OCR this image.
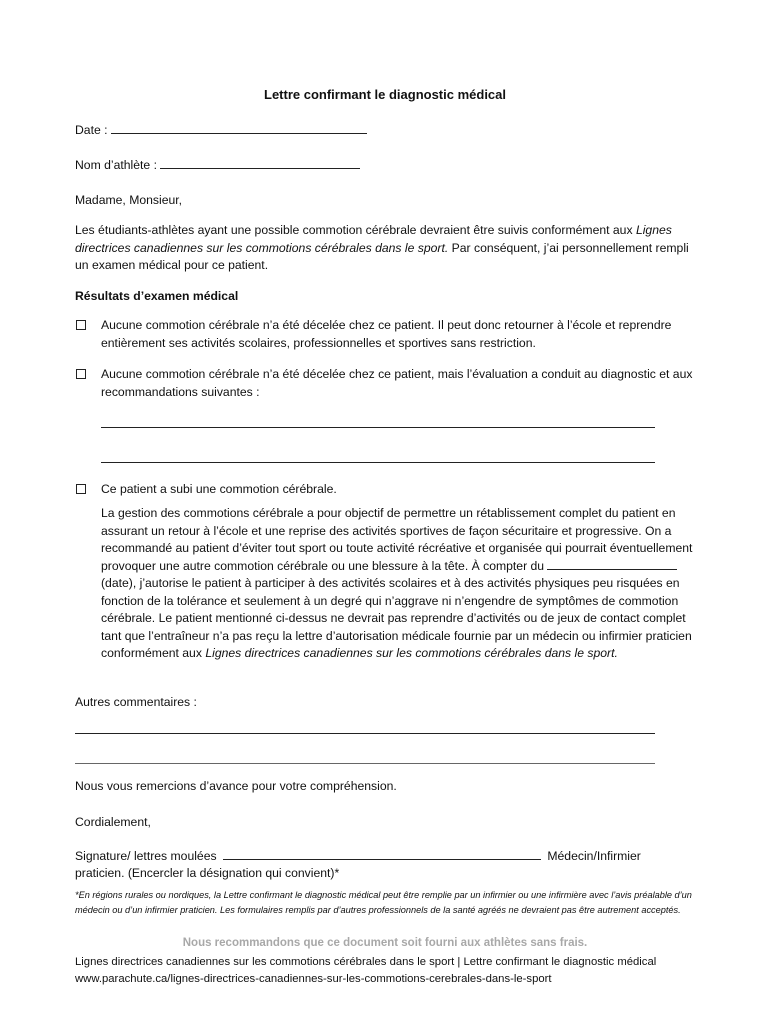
Lettre confirmant le diagnostic médical
Date :
Nom d’athlète :
Madame, Monsieur,
Les étudiants-athlètes ayant une possible commotion cérébrale devraient être suivis conformément aux Lignes directrices canadiennes sur les commotions cérébrales dans le sport. Par conséquent, j’ai personnellement rempli un examen médical pour ce patient.
Résultats d’examen médical
Aucune commotion cérébrale n’a été décelée chez ce patient. Il peut donc retourner à l’école et reprendre entièrement ses activités scolaires, professionnelles et sportives sans restriction.
Aucune commotion cérébrale n’a été décelée chez ce patient, mais l’évaluation a conduit au diagnostic et aux recommandations suivantes :
Ce patient a subi une commotion cérébrale.
La gestion des commotions cérébrale a pour objectif de permettre un rétablissement complet du patient en assurant un retour à l’école et une reprise des activités sportives de façon sécuritaire et progressive. On a recommandé au patient d’éviter tout sport ou toute activité récréative et organisée qui pourrait éventuellement provoquer une autre commotion cérébrale ou une blessure à la tête. À compter du  (date), j’autorise le patient à participer à des activités scolaires et à des activités physiques peu risquées en fonction de la tolérance et seulement à un degré qui n’aggrave ni n’engendre de symptômes de commotion cérébrale. Le patient mentionné ci-dessus ne devrait pas reprendre d’activités ou de jeux de contact complet tant que l’entraîneur n’a pas reçu la lettre d’autorisation médicale fournie par un médecin ou infirmier praticien conformément aux Lignes directrices canadiennes sur les commotions cérébrales dans le sport.
Autres commentaires :
Nous vous remercions d’avance pour votre compréhension.
Cordialement,
Signature/ lettres moulées	Médecin/Infirmier
praticien. (Encercler la désignation qui convient)*
*En régions rurales ou nordiques, la Lettre confirmant le diagnostic médical peut être remplie par un infirmier ou une infirmière avec l’avis préalable d’un médecin ou d’un infirmier praticien. Les formulaires remplis par d’autres professionnels de la santé agréés ne devraient pas être autrement acceptés.
Nous recommandons que ce document soit fourni aux athlètes sans frais.
Lignes directrices canadiennes sur les commotions cérébrales dans le sport | Lettre confirmant le diagnostic médical
www.parachute.ca/lignes-directrices-canadiennes-sur-les-commotions-cerebrales-dans-le-sport
